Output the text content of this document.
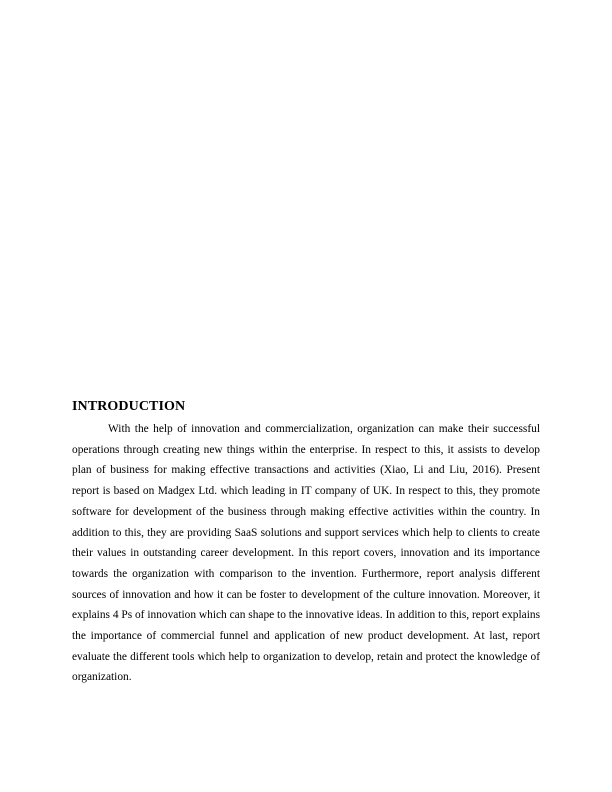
INTRODUCTION

With the help of innovation and commercialization, organization can make their successful operations through creating new things within the enterprise. In respect to this, it assists to develop plan of business for making effective transactions and activities (Xiao, Li and Liu, 2016). Present report is based on Madgex Ltd. which leading in IT company of UK. In respect to this, they promote software for development of the business through making effective activities within the country. In addition to this, they are providing SaaS solutions and support services which help to clients to create their values in outstanding career development. In this report covers, innovation and its importance towards the organization with comparison to the invention. Furthermore, report analysis different sources of innovation and how it can be foster to development of the culture innovation. Moreover, it explains 4 Ps of innovation which can shape to the innovative ideas. In addition to this, report explains the importance of commercial funnel and application of new product development. At last, report evaluate the different tools which help to organization to develop, retain and protect the knowledge of organization.
